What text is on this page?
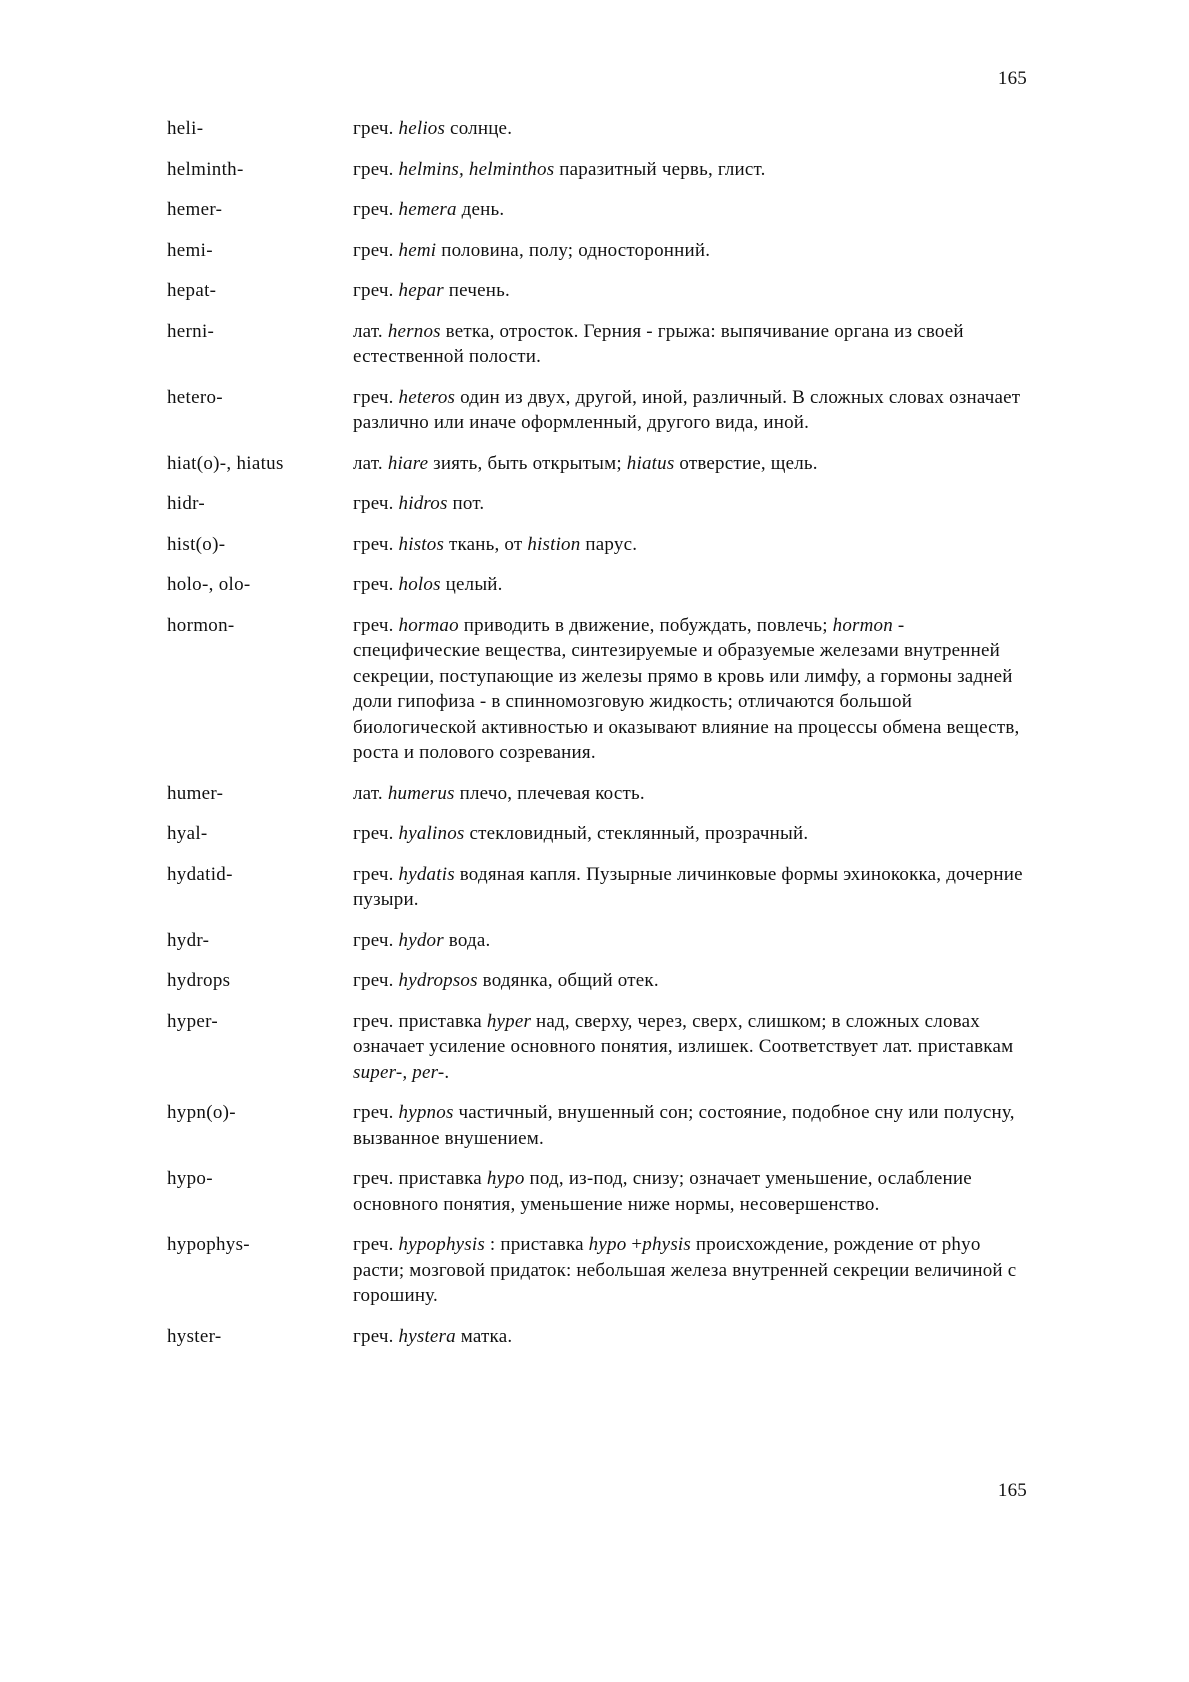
165
heli-	греч. helios солнце.
helminth-	греч. helmins, helminthos паразитный червь, глист.
hemer-	греч. hemera день.
hemi-	греч. hemi половина, полу; односторонний.
hepat-	греч. hepar печень.
herni-	лат. hernos ветка, отросток. Герния - грыжа: выпячивание органа из своей естественной полости.
hetero-	греч. heteros один из двух, другой, иной, различный. В сложных словах означает различно или иначе оформленный, другого вида, иной.
hiat(o)-, hiatus	лат. hiare зиять, быть открытым; hiatus отверстие, щель.
hidr-	греч. hidros пот.
hist(o)-	греч. histos ткань, от histion парус.
holo-, olo-	греч. holos целый.
hormon-	греч. hormao приводить в движение, побуждать, повлечь; hormоп - специфические вещества, синтезируемые и образуемые железами внутренней секреции, поступающие из железы прямо в кровь или лимфу, а гормоны задней доли гипофиза - в спинномозговую жидкость; отличаются большой биологической активностью и оказывают влияние на процессы обмена веществ, роста и полового созревания.
humer-	лат. humerus плечо, плечевая кость.
hyal-	греч. hyalinos стекловидный, стеклянный, прозрачный.
hydatid-	греч. hydatis водяная капля. Пузырные личинковые формы эхинококка, дочерние пузыри.
hydr-	греч. hydor вода.
hydrops	греч. hydropsos водянка, общий отек.
hyper-	греч. приставка hyper над, сверху, через, сверх, слишком; в сложных словах означает усиление основного понятия, излишек. Соответствует лат. приставкам super-, per-.
hypn(o)-	греч. hypnos частичный, внушенный сон; состояние, подобное сну или полусну, вызванное внушением.
hypo-	греч. приставка hypo под, из-под, снизу; означает уменьшение, ослабление основного понятия, уменьшение ниже нормы, несовершенство.
hypophys-	греч. hypophysis : приставка hypo +physis происхождение, рождение от phyo расти; мозговой придаток: небольшая железа внутренней секреции величиной с горошину.
hyster-	греч. hystera матка.
165
